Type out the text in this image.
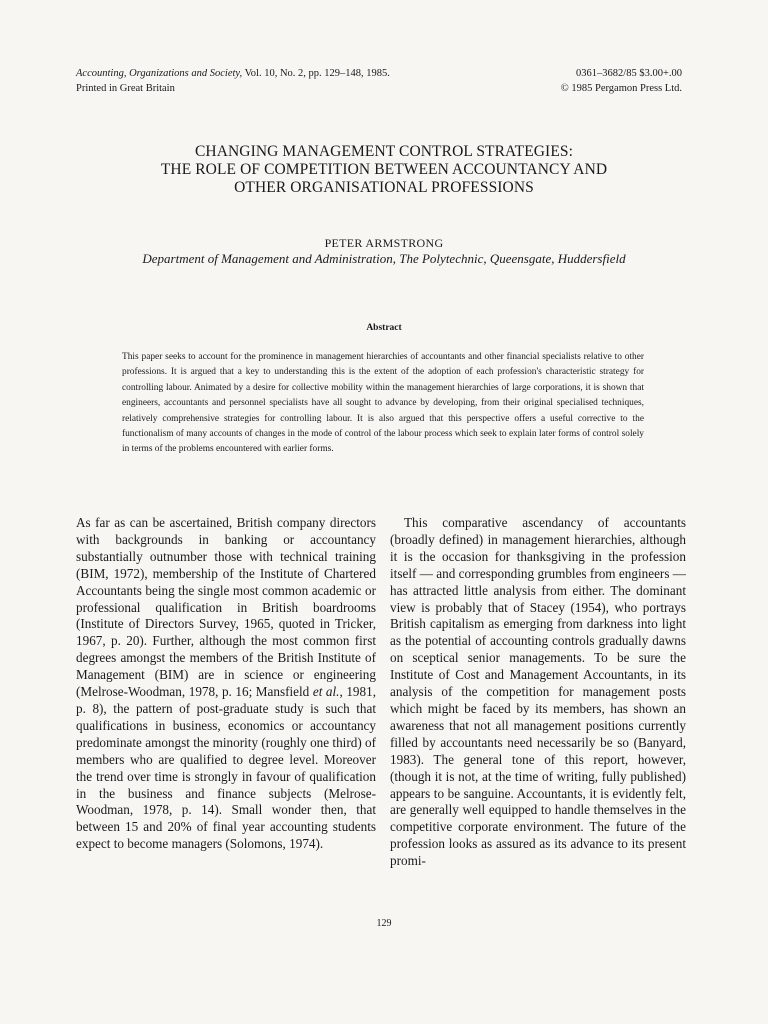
Accounting, Organizations and Society, Vol. 10, No. 2, pp. 129–148, 1985.
Printed in Great Britain
0361–3682/85 $3.00+.00
© 1985 Pergamon Press Ltd.
CHANGING MANAGEMENT CONTROL STRATEGIES:
THE ROLE OF COMPETITION BETWEEN ACCOUNTANCY AND
OTHER ORGANISATIONAL PROFESSIONS
PETER ARMSTRONG
Department of Management and Administration, The Polytechnic, Queensgate, Huddersfield
Abstract
This paper seeks to account for the prominence in management hierarchies of accountants and other financial specialists relative to other professions. It is argued that a key to understanding this is the extent of the adoption of each profession's characteristic strategy for controlling labour. Animated by a desire for collective mobility within the management hierarchies of large corporations, it is shown that engineers, accountants and personnel specialists have all sought to advance by developing, from their original specialised techniques, relatively comprehensive strategies for controlling labour. It is also argued that this perspective offers a useful corrective to the functionalism of many accounts of changes in the mode of control of the labour process which seek to explain later forms of control solely in terms of the problems encountered with earlier forms.

As far as can be ascertained, British company directors with backgrounds in banking or accountancy substantially outnumber those with technical training (BIM, 1972), membership of the Institute of Chartered Accountants being the single most common academic or professional qualification in British boardrooms (Institute of Directors Survey, 1965, quoted in Tricker, 1967, p. 20). Further, although the most common first degrees amongst the members of the British Institute of Management (BIM) are in science or engineering (Melrose-Woodman, 1978, p. 16; Mansfield et al., 1981, p. 8), the pattern of post-graduate study is such that qualifications in business, economics or accountancy predominate amongst the minority (roughly one third) of members who are qualified to degree level. Moreover the trend over time is strongly in favour of qualification in the business and finance subjects (Melrose-Woodman, 1978, p. 14). Small wonder then, that between 15 and 20% of final year accounting students expect to become managers (Solomons, 1974).

This comparative ascendancy of accountants (broadly defined) in management hierarchies, although it is the occasion for thanksgiving in the profession itself — and corresponding grumbles from engineers — has attracted little analysis from either. The dominant view is probably that of Stacey (1954), who portrays British capitalism as emerging from darkness into light as the potential of accounting controls gradually dawns on sceptical senior managements. To be sure the Institute of Cost and Management Accountants, in its analysis of the competition for management posts which might be faced by its members, has shown an awareness that not all management positions currently filled by accountants need necessarily be so (Banyard, 1983). The general tone of this report, however, (though it is not, at the time of writing, fully published) appears to be sanguine. Accountants, it is evidently felt, are generally well equipped to handle themselves in the competitive corporate environment. The future of the profession looks as assured as its advance to its present promi-

129
